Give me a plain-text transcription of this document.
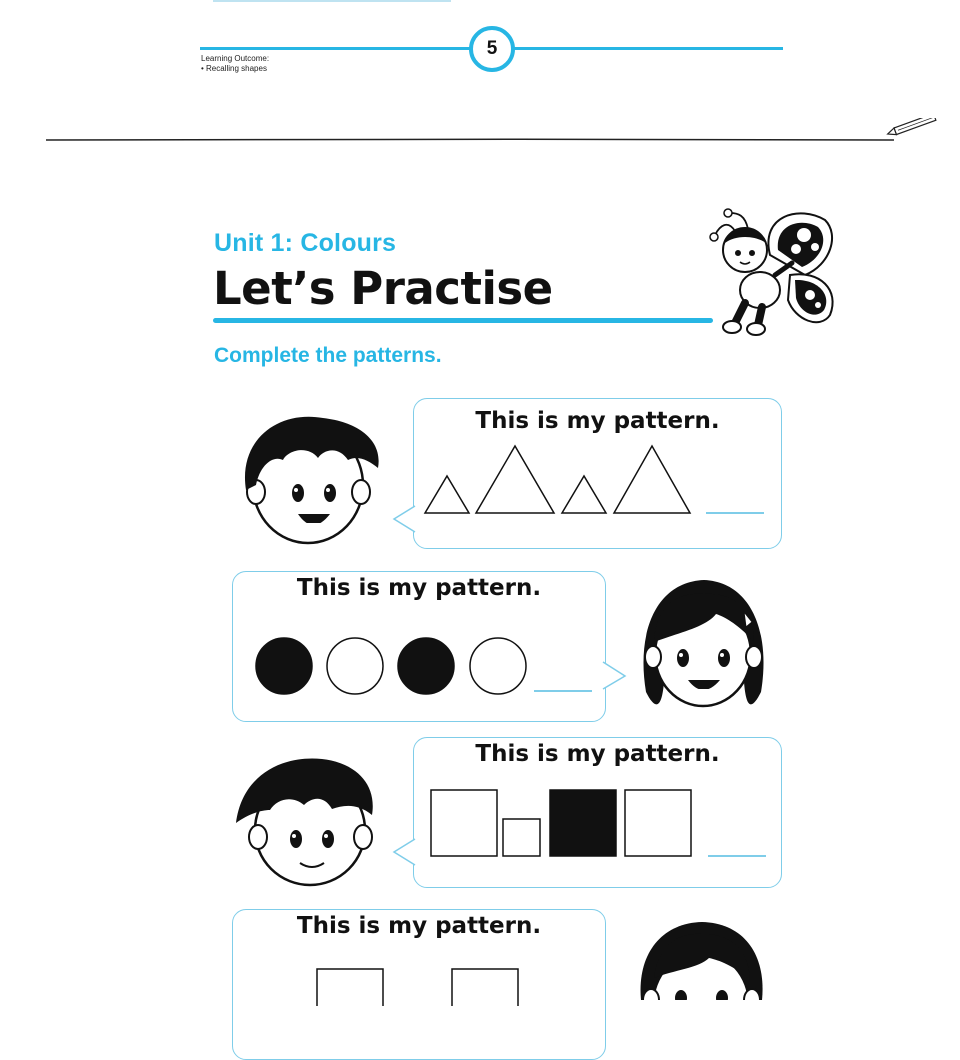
5
Learning Outcome:
• Recalling shapes
Unit 1: Colours
Let’s Practise
Complete the patterns.
This is my pattern.
This is my pattern.
This is my pattern.
This is my pattern.
